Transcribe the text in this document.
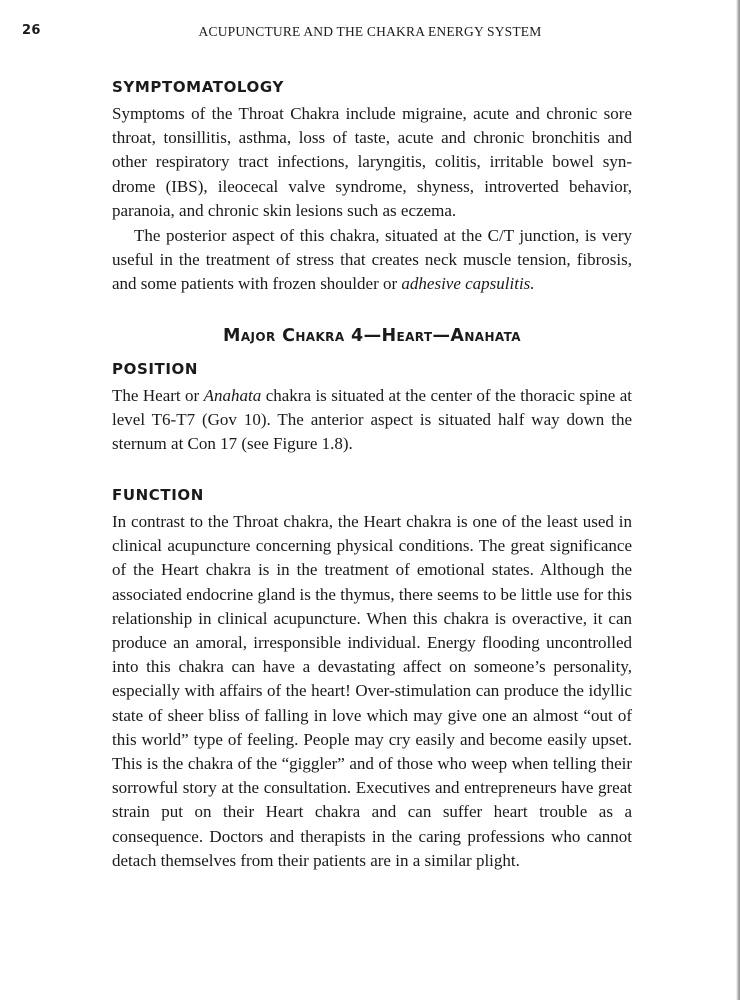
26	ACUPUNCTURE AND THE CHAKRA ENERGY SYSTEM
SYMPTOMATOLOGY

Symptoms of the Throat Chakra include migraine, acute and chronic sore throat, tonsillitis, asthma, loss of taste, acute and chronic bronchitis and other respiratory tract infections, laryngitis, colitis, irritable bowel syndrome (IBS), ileocecal valve syndrome, shyness, introverted behavior, paranoia, and chronic skin lesions such as eczema.

The posterior aspect of this chakra, situated at the C/T junction, is very useful in the treatment of stress that creates neck muscle tension, fibrosis, and some patients with frozen shoulder or adhesive capsulitis.

Major Chakra 4—Heart—Anahata
POSITION

The Heart or Anahata chakra is situated at the center of the thoracic spine at level T6-T7 (Gov 10). The anterior aspect is situated half way down the sternum at Con 17 (see Figure 1.8).

FUNCTION

In contrast to the Throat chakra, the Heart chakra is one of the least used in clinical acupuncture concerning physical conditions. The great significance of the Heart chakra is in the treatment of emotional states. Although the associated endocrine gland is the thymus, there seems to be little use for this relationship in clinical acupuncture. When this chakra is overactive, it can produce an amoral, irresponsible individual. Energy flooding uncontrolled into this chakra can have a devastating affect on someone’s personality, especially with affairs of the heart! Over-stimulation can produce the idyllic state of sheer bliss of falling in love which may give one an almost “out of this world” type of feeling. People may cry easily and become easily upset. This is the chakra of the “giggler” and of those who weep when telling their sorrowful story at the consultation. Executives and entrepreneurs have great strain put on their Heart chakra and can suffer heart trouble as a consequence. Doctors and therapists in the caring professions who cannot detach themselves from their patients are in a similar plight.
